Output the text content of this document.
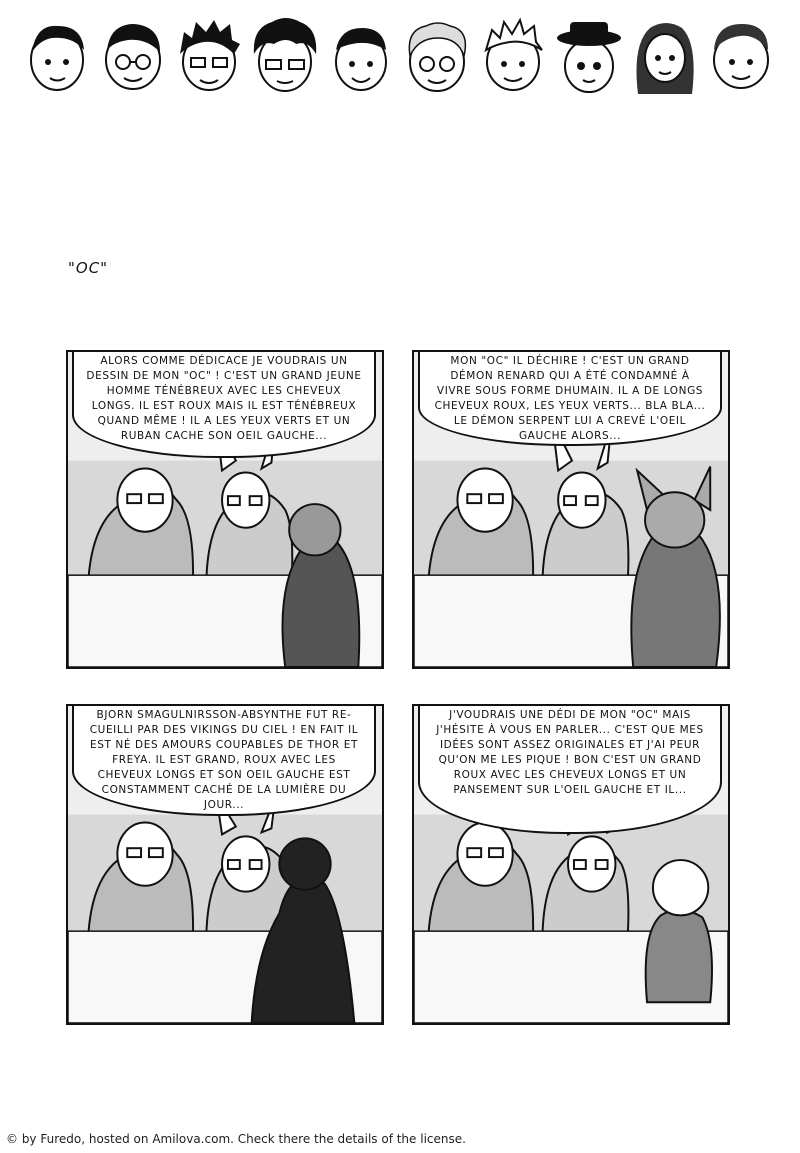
"OC"
ALORS COMME DÉDICACE JE VOUDRAIS UN DESSIN DE MON "OC" ! C'EST UN GRAND JEUNE HOMME TÉNÉBREUX AVEC LES CHEVEUX LONGS. IL EST ROUX MAIS IL EST TÉNÉBREUX QUAND MÊME ! IL A LES YEUX VERTS ET UN RUBAN CACHE SON OEIL GAUCHE...
MON "OC" IL DÉCHIRE ! C'EST UN GRAND DÉMON RENARD QUI A ÉTÉ CONDAMNÉ À VIVRE SOUS FORME DHUMAIN. IL A DE LONGS CHEVEUX ROUX, LES YEUX VERTS... BLA BLA... LE DÉMON SERPENT LUI A CREVÉ L'OEIL GAUCHE ALORS...
BJORN SMAGULNIRSSON-ABSYNTHE FUT RE-CUEILLI PAR DES VIKINGS DU CIEL ! EN FAIT IL EST NÉ DES AMOURS COUPABLES DE THOR ET FREYA. IL EST GRAND, ROUX AVEC LES CHEVEUX LONGS ET SON OEIL GAUCHE EST CONSTAMMENT CACHÉ DE LA LUMIÈRE DU JOUR...
J'VOUDRAIS UNE DÉDI DE MON "OC" MAIS J'HÉSITE À VOUS EN PARLER... C'EST QUE MES IDÉES SONT ASSEZ ORIGINALES ET J'AI PEUR QU'ON ME LES PIQUE ! BON C'EST UN GRAND ROUX AVEC LES CHEVEUX LONGS ET UN PANSEMENT SUR L'OEIL GAUCHE ET IL...
© by Furedo, hosted on Amilova.com. Check there the details of the license.
